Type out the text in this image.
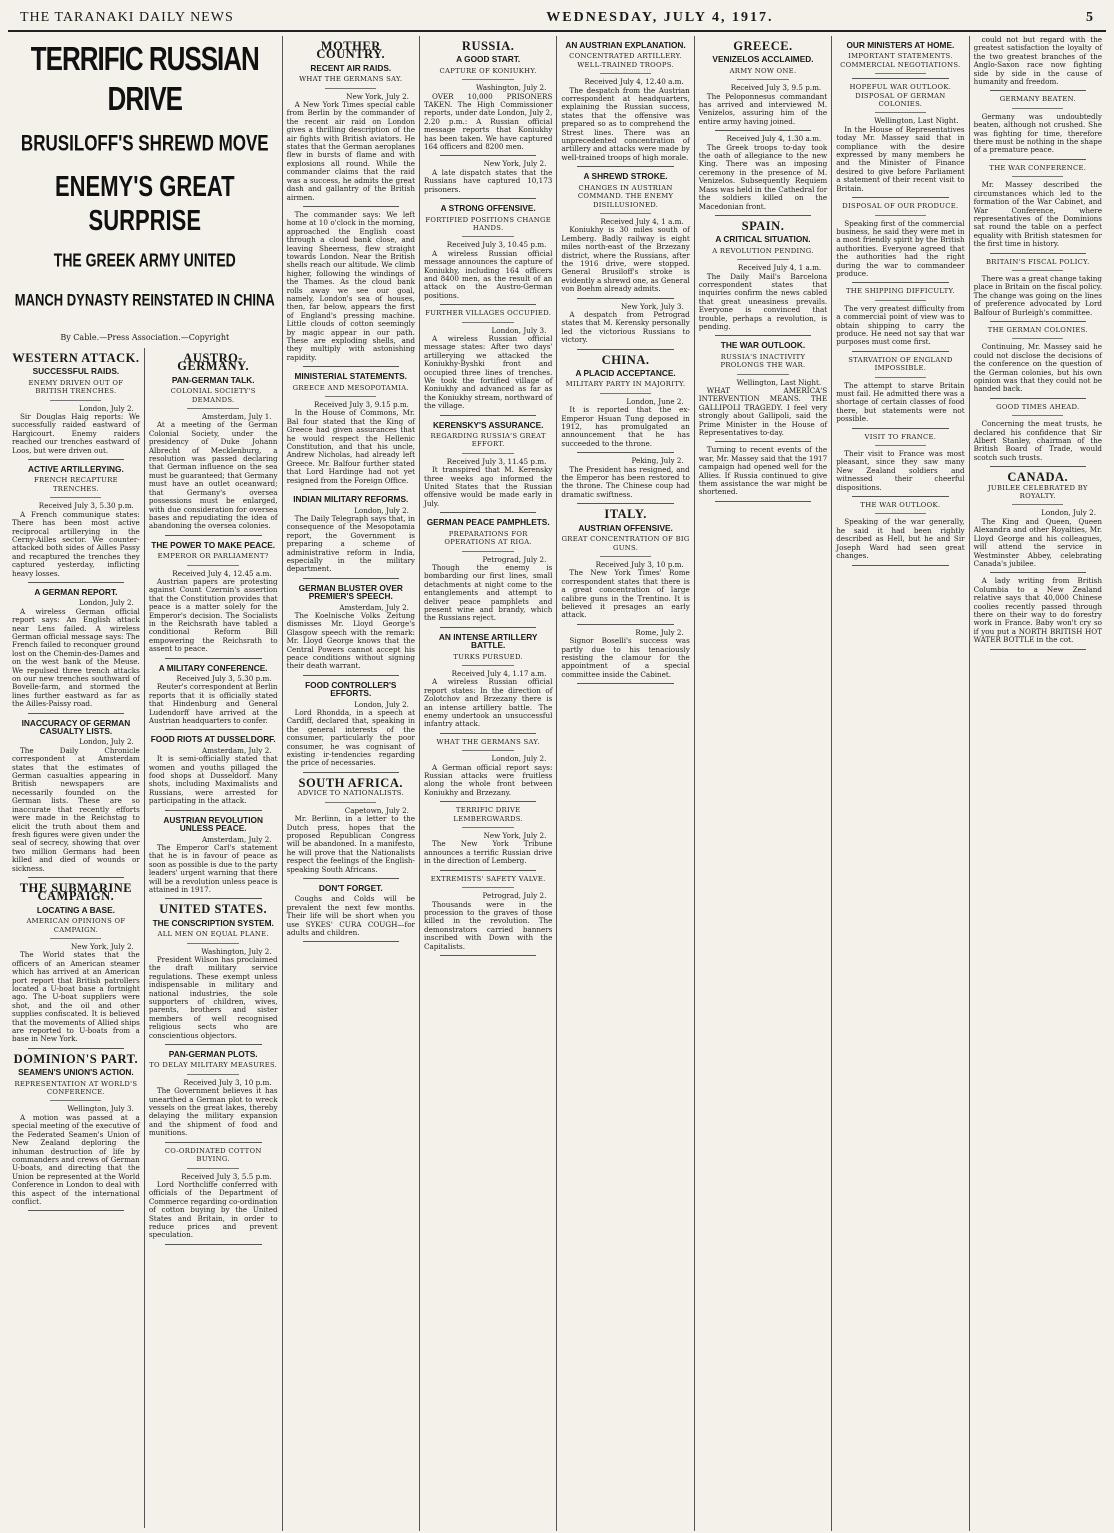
THE TARANAKI DAILY NEWS	WEDNESDAY, JULY 4, 1917.	5
TERRIFIC RUSSIAN DRIVE
BRUSILOFF'S SHREWD MOVE
ENEMY'S GREAT SURPRISE
THE GREEK ARMY UNITED
MANCH DYNASTY REINSTATED IN CHINA
By Cable.—Press Association.—Copyright
WESTERN ATTACK.
SUCCESSFUL RAIDS.
ENEMY DRIVEN OUT OF BRITISH TRENCHES.
London, July 2.

Sir Douglas Haig reports: We successfully raided eastward of Hargicourt. Enemy raiders reached our trenches eastward of Loos, but were driven out.

ACTIVE ARTILLERYING.
FRENCH RECAPTURE TRENCHES.
Received July 3, 5.30 p.m.

A French communique states: There has been most active reciprocal artillerying in the Cerny-Ailles sector. We counter-attacked both sides of Ailles Passy and recaptured the trenches they captured yesterday, inflicting heavy losses.

A GERMAN REPORT.
London, July 2.

A wireless German official report says: An English attack near Lens failed. A wireless German official message says: The French failed to reconquer ground lost on the Chemin-des-Dames and on the west bank of the Meuse. We repulsed three trench attacks on our new trenches southward of Bovelle-farm, and stormed the lines further eastward as far as the Ailles-Paissy road.

INACCURACY OF GERMAN CASUALTY LISTS.
London, July 2.

The Daily Chronicle correspondent at Amsterdam states that the estimates of German casualties appearing in British newspapers are necessarily founded on the German lists. These are so inaccurate that recently efforts were made in the Reichstag to elicit the truth about them and fresh figures were given under the seal of secrecy, showing that over two million Germans had been killed and died of wounds or sickness.

THE SUBMARINE CAMPAIGN.
LOCATING A BASE.
AMERICAN OPINIONS OF CAMPAIGN.
New York, July 2.

The World states that the officers of an American steamer which has arrived at an American port report that British patrollers located a U-boat base a fortnight ago. The U-boat suppliers were shot, and the oil and other supplies confiscated. It is believed that the movements of Allied ships are reported to U-boats from a base in New York.

DOMINION'S PART.
SEAMEN'S UNION'S ACTION.
REPRESENTATION AT WORLD'S CONFERENCE.
Wellington, July 3.

A motion was passed at a special meeting of the executive of the Federated Seamen's Union of New Zealand deploring the inhuman destruction of life by commanders and crews of German U-boats, and directing that the Union be represented at the World Conference in London to deal with this aspect of the international conflict.

AUSTRO-GERMANY.
PAN-GERMAN TALK.
COLONIAL SOCIETY'S DEMANDS.
Amsterdam, July 1.

At a meeting of the German Colonial Society, under the presidency of Duke Johann Albrecht of Mecklenburg, a resolution was passed declaring that German influence on the sea must be guaranteed; that Germany must have an outlet oceanward; that Germany's oversea possessions must be enlarged, with due consideration for oversea bases and repudiating the idea of abandoning the oversea colonies.

THE POWER TO MAKE PEACE.
EMPEROR OR PARLIAMENT?
Received July 4, 12.45 a.m.

Austrian papers are protesting against Count Czernin's assertion that the Constitution provides that peace is a matter solely for the Emperor's decision. The Socialists in the Reichsrath have tabled a conditional Reform Bill empowering the Reichsrath to assent to peace.

A MILITARY CONFERENCE.
Received July 3, 5.30 p.m.

Reuter's correspondent at Berlin reports that it is officially stated that Hindenburg and General Ludendorff have arrived at the Austrian headquarters to confer.

FOOD RIOTS AT DUSSELDORF.
Amsterdam, July 2.

It is semi-officially stated that women and youths pillaged the food shops at Dusseldorf. Many shots, including Maximalists and Russians, were arrested for participating in the attack.

AUSTRIAN REVOLUTION UNLESS PEACE.
Amsterdam, July 2.

The Emperor Carl's statement that he is in favour of peace as soon as possible is due to the party leaders' urgent warning that there will be a revolution unless peace is attained in 1917.

UNITED STATES.
THE CONSCRIPTION SYSTEM.
ALL MEN ON EQUAL PLANE.
Washington, July 2.

President Wilson has proclaimed the draft military service regulations. These exempt unless indispensable in military and national industries, the sole supporters of children, wives, parents, brothers and sister members of well recognised religious sects who are conscientious objectors.

PAN-GERMAN PLOTS.
TO DELAY MILITARY MEASURES.
Received July 3, 10 p.m.

The Government believes it has unearthed a German plot to wreck vessels on the great lakes, thereby delaying the military expansion and the shipment of food and munitions.

CO-ORDINATED COTTON BUYING.
Received July 3, 5.5 p.m.

Lord Northcliffe conferred with officials of the Department of Commerce regarding co-ordination of cotton buying by the United States and Britain, in order to reduce prices and prevent speculation.

MOTHER COUNTRY.
RECENT AIR RAIDS.
WHAT THE GERMANS SAY.
New York, July 2.

A New York Times special cable from Berlin by the commander of the recent air raid on London gives a thrilling description of the air fights with British aviators. He states that the German aeroplanes flew in bursts of flame and with explosions all round. While the commander claims that the raid was a success, he admits the great dash and gallantry of the British airmen.

The commander says: We left home at 10 o'clock in the morning, approached the English coast through a cloud bank close, and leaving Sheerness, flew straight towards London. Near the British shells reach our altitude. We climb higher, following the windings of the Thames. As the cloud bank rolls away we see our goal, namely, London's sea of houses, then, far below, appears the first of England's pressing machine. Little clouds of cotton seemingly by magic appear in our path. These are exploding shells, and they multiply with astonishing rapidity.

MINISTERIAL STATEMENTS.
GREECE AND MESOPOTAMIA.
Received July 3, 9.15 p.m.

In the House of Commons, Mr. Bal four stated that the King of Greece had given assurances that he would respect the Hellenic Constitution, and that his uncle, Andrew Nicholas, had already left Greece. Mr. Balfour further stated that Lord Hardinge had not yet resigned from the Foreign Office.

INDIAN MILITARY REFORMS.
London, July 2.

The Daily Telegraph says that, in consequence of the Mesopotamia report, the Government is preparing a scheme of administrative reform in India, especially in the military department.

GERMAN BLUSTER OVER PREMIER'S SPEECH.
Amsterdam, July 2.

The Koelnische Volks Zeitung dismisses Mr. Lloyd George's Glasgow speech with the remark: Mr. Lloyd George knows that the Central Powers cannot accept his peace conditions without signing their death warrant.

FOOD CONTROLLER'S EFFORTS.
London, July 2.

Lord Rhondda, in a speech at Cardiff, declared that, speaking in the general interests of the consumer, particularly the poor consumer, he was cognisant of existing ir-tendencies regarding the price of necessaries.

SOUTH AFRICA.
ADVICE TO NATIONALISTS.
Capetown, July 2.

Mr. Berlinn, in a letter to the Dutch press, hopes that the proposed Republican Congress will be abandoned. In a manifesto, he will prove that the Nationalists respect the feelings of the English-speaking South Africans.

DON'T FORGET.

Coughs and Colds will be prevalent the next few months. Their life will be short when you use SYKES' CURA COUGH—for adults and children.

RUSSIA.
A GOOD START.
CAPTURE OF KONIUKHY.
Washington, July 2.

OVER 10,000 PRISONERS TAKEN. The High Commissioner reports, under date London, July 2, 2.20 p.m.: A Russian official message reports that Koniukhy has been taken. We have captured 164 officers and 8200 men.

New York, July 2.

A late dispatch states that the Russians have captured 10,173 prisoners.

A STRONG OFFENSIVE.
FORTIFIED POSITIONS CHANGE HANDS.
Received July 3, 10.45 p.m.

A wireless Russian official message announces the capture of Koniukhy, including 164 officers and 8400 men, as the result of an attack on the Austro-German positions.

FURTHER VILLAGES OCCUPIED.
London, July 3.

A wireless Russian official message states: After two days' artillerying we attacked the Koniukhy-Byshki front and occupied three lines of trenches. We took the fortified village of Koniukhy and advanced as far as the Koniukhy stream, northward of the village.

KERENSKY'S ASSURANCE.
REGARDING RUSSIA'S GREAT EFFORT.
Received July 3, 11.45 p.m.

It transpired that M. Kerensky three weeks ago informed the United States that the Russian offensive would be made early in July.

GERMAN PEACE PAMPHLETS.
PREPARATIONS FOR OPERATIONS AT RIGA.
Petrograd, July 2.

Though the enemy is bombarding our first lines, small detachments at night come to the entanglements and attempt to deliver peace pamphlets and present wine and brandy, which the Russians reject.

AN INTENSE ARTILLERY BATTLE.
TURKS PURSUED.
Received July 4, 1.17 a.m.

A wireless Russian official report states: In the direction of Zolotchov and Brzezany there is an intense artillery battle. The enemy undertook an unsuccessful infantry attack.

WHAT THE GERMANS SAY.
London, July 2.

A German official report says: Russian attacks were fruitless along the whole front between Koniukhy and Brzezany.

TERRIFIC DRIVE LEMBERGWARDS.
New York, July 2.

The New York Tribune announces a terrific Russian drive in the direction of Lemberg.

EXTREMISTS' SAFETY VALVE.
Petrograd, July 2.

Thousands were in the procession to the graves of those killed in the revolution. The demonstrators carried banners inscribed with Down with the Capitalists.

AN AUSTRIAN EXPLANATION.
CONCENTRATED ARTILLERY. WELL-TRAINED TROOPS.
Received July 4, 12.40 a.m.

The despatch from the Austrian correspondent at headquarters, explaining the Russian success, states that the offensive was prepared so as to comprehend the Strest lines. There was an unprecedented concentration of artillery and attacks were made by well-trained troops of high morale.

A SHREWD STROKE.
CHANGES IN AUSTRIAN COMMAND. THE ENEMY DISILLUSIONED.
Received July 4, 1 a.m.

Koniukhy is 30 miles south of Lemberg. Badly railway is eight miles north-east of the Brzezany district, where the Russians, after the 1916 drive, were stopped. General Brusiloff's stroke is evidently a shrewd one, as General von Boehm already admits.

New York, July 3.

A despatch from Petrograd states that M. Kerensky personally led the victorious Russians to victory.

CHINA.
A PLACID ACCEPTANCE.
MILITARY PARTY IN MAJORITY.
London, June 2.

It is reported that the ex-Emperor Hsuan Tung deposed in 1912, has promulgated an announcement that he has succeeded to the throne.

Peking, July 2.

The President has resigned, and the Emperor has been restored to the throne. The Chinese coup had dramatic swiftness.

ITALY.
AUSTRIAN OFFENSIVE.
GREAT CONCENTRATION OF BIG GUNS.
Received July 3, 10 p.m.

The New York Times' Rome correspondent states that there is a great concentration of large calibre guns in the Trentino. It is believed it presages an early attack.

Rome, July 2.

Signor Boselli's success was partly due to his tenaciously resisting the clamour for the appointment of a special committee inside the Cabinet.

GREECE.
VENIZELOS ACCLAIMED.
ARMY NOW ONE.
Received July 3, 9.5 p.m.

The Peloponnesus commandant has arrived and interviewed M. Venizelos, assuring him of the entire army having joined.

Received July 4, 1.30 a.m.

The Greek troops to-day took the oath of allegiance to the new King. There was an imposing ceremony in the presence of M. Venizelos. Subsequently Requiem Mass was held in the Cathedral for the soldiers killed on the Macedonian front.

SPAIN.
A CRITICAL SITUATION.
A REVOLUTION PENDING.
Received July 4, 1 a.m.

The Daily Mail's Barcelona correspondent states that inquiries confirm the news cabled that great uneasiness prevails. Everyone is convinced that trouble, perhaps a revolution, is pending.

THE WAR OUTLOOK.
RUSSIA'S INACTIVITY PROLONGS THE WAR.
Wellington, Last Night.

WHAT AMERICA'S INTERVENTION MEANS. THE GALLIPOLI TRAGEDY. I feel very strongly about Gallipoli, said the Prime Minister in the House of Representatives to-day.

Turning to recent events of the war, Mr. Massey said that the 1917 campaign had opened well for the Allies. If Russia continued to give them assistance the war might be shortened.

OUR MINISTERS AT HOME.
IMPORTANT STATEMENTS. COMMERCIAL NEGOTIATIONS.
HOPEFUL WAR OUTLOOK. DISPOSAL OF GERMAN COLONIES.
Wellington, Last Night.

In the House of Representatives today Mr. Massey said that in compliance with the desire expressed by many members he and the Minister of Finance desired to give before Parliament a statement of their recent visit to Britain.

DISPOSAL OF OUR PRODUCE.

Speaking first of the commercial business, he said they were met in a most friendly spirit by the British authorities. Everyone agreed that the authorities had the right during the war to commandeer produce.

THE SHIPPING DIFFICULTY.

The very greatest difficulty from a commercial point of view was to obtain shipping to carry the produce. He need not say that war purposes must come first.

STARVATION OF ENGLAND IMPOSSIBLE.

The attempt to starve Britain must fail. He admitted there was a shortage of certain classes of food there, but statements were not possible.

VISIT TO FRANCE.

Their visit to France was most pleasant, since they saw many New Zealand soldiers and witnessed their cheerful dispositions.

THE WAR OUTLOOK.

Speaking of the war generally, he said it had been rightly described as Hell, but he and Sir Joseph Ward had seen great changes.

could not but regard with the greatest satisfaction the loyalty of the two greatest branches of the Anglo-Saxon race now fighting side by side in the cause of humanity and freedom.

GERMANY BEATEN.

Germany was undoubtedly beaten, although not crushed. She was fighting for time, therefore there must be nothing in the shape of a premature peace.

THE WAR CONFERENCE.

Mr. Massey described the circumstances which led to the formation of the War Cabinet, and War Conference, where representatives of the Dominions sat round the table on a perfect equality with British statesmen for the first time in history.

BRITAIN'S FISCAL POLICY.

There was a great change taking place in Britain on the fiscal policy. The change was going on the lines of preference advocated by Lord Balfour of Burleigh's committee.

THE GERMAN COLONIES.

Continuing, Mr. Massey said he could not disclose the decisions of the conference on the question of the German colonies, but his own opinion was that they could not be handed back.

GOOD TIMES AHEAD.

Concerning the meat trusts, he declared his confidence that Sir Albert Stanley, chairman of the British Board of Trade, would scotch such trusts.

CANADA.
JUBILEE CELEBRATED BY ROYALTY.
London, July 2.

The King and Queen, Queen Alexandra and other Royalties, Mr. Lloyd George and his colleagues, will attend the service in Westminster Abbey, celebrating Canada's jubilee.

A lady writing from British Columbia to a New Zealand relative says that 40,000 Chinese coolies recently passed through there on their way to do forestry work in France. Baby won't cry so if you put a NORTH BRITISH HOT WATER BOTTLE in the cot.
